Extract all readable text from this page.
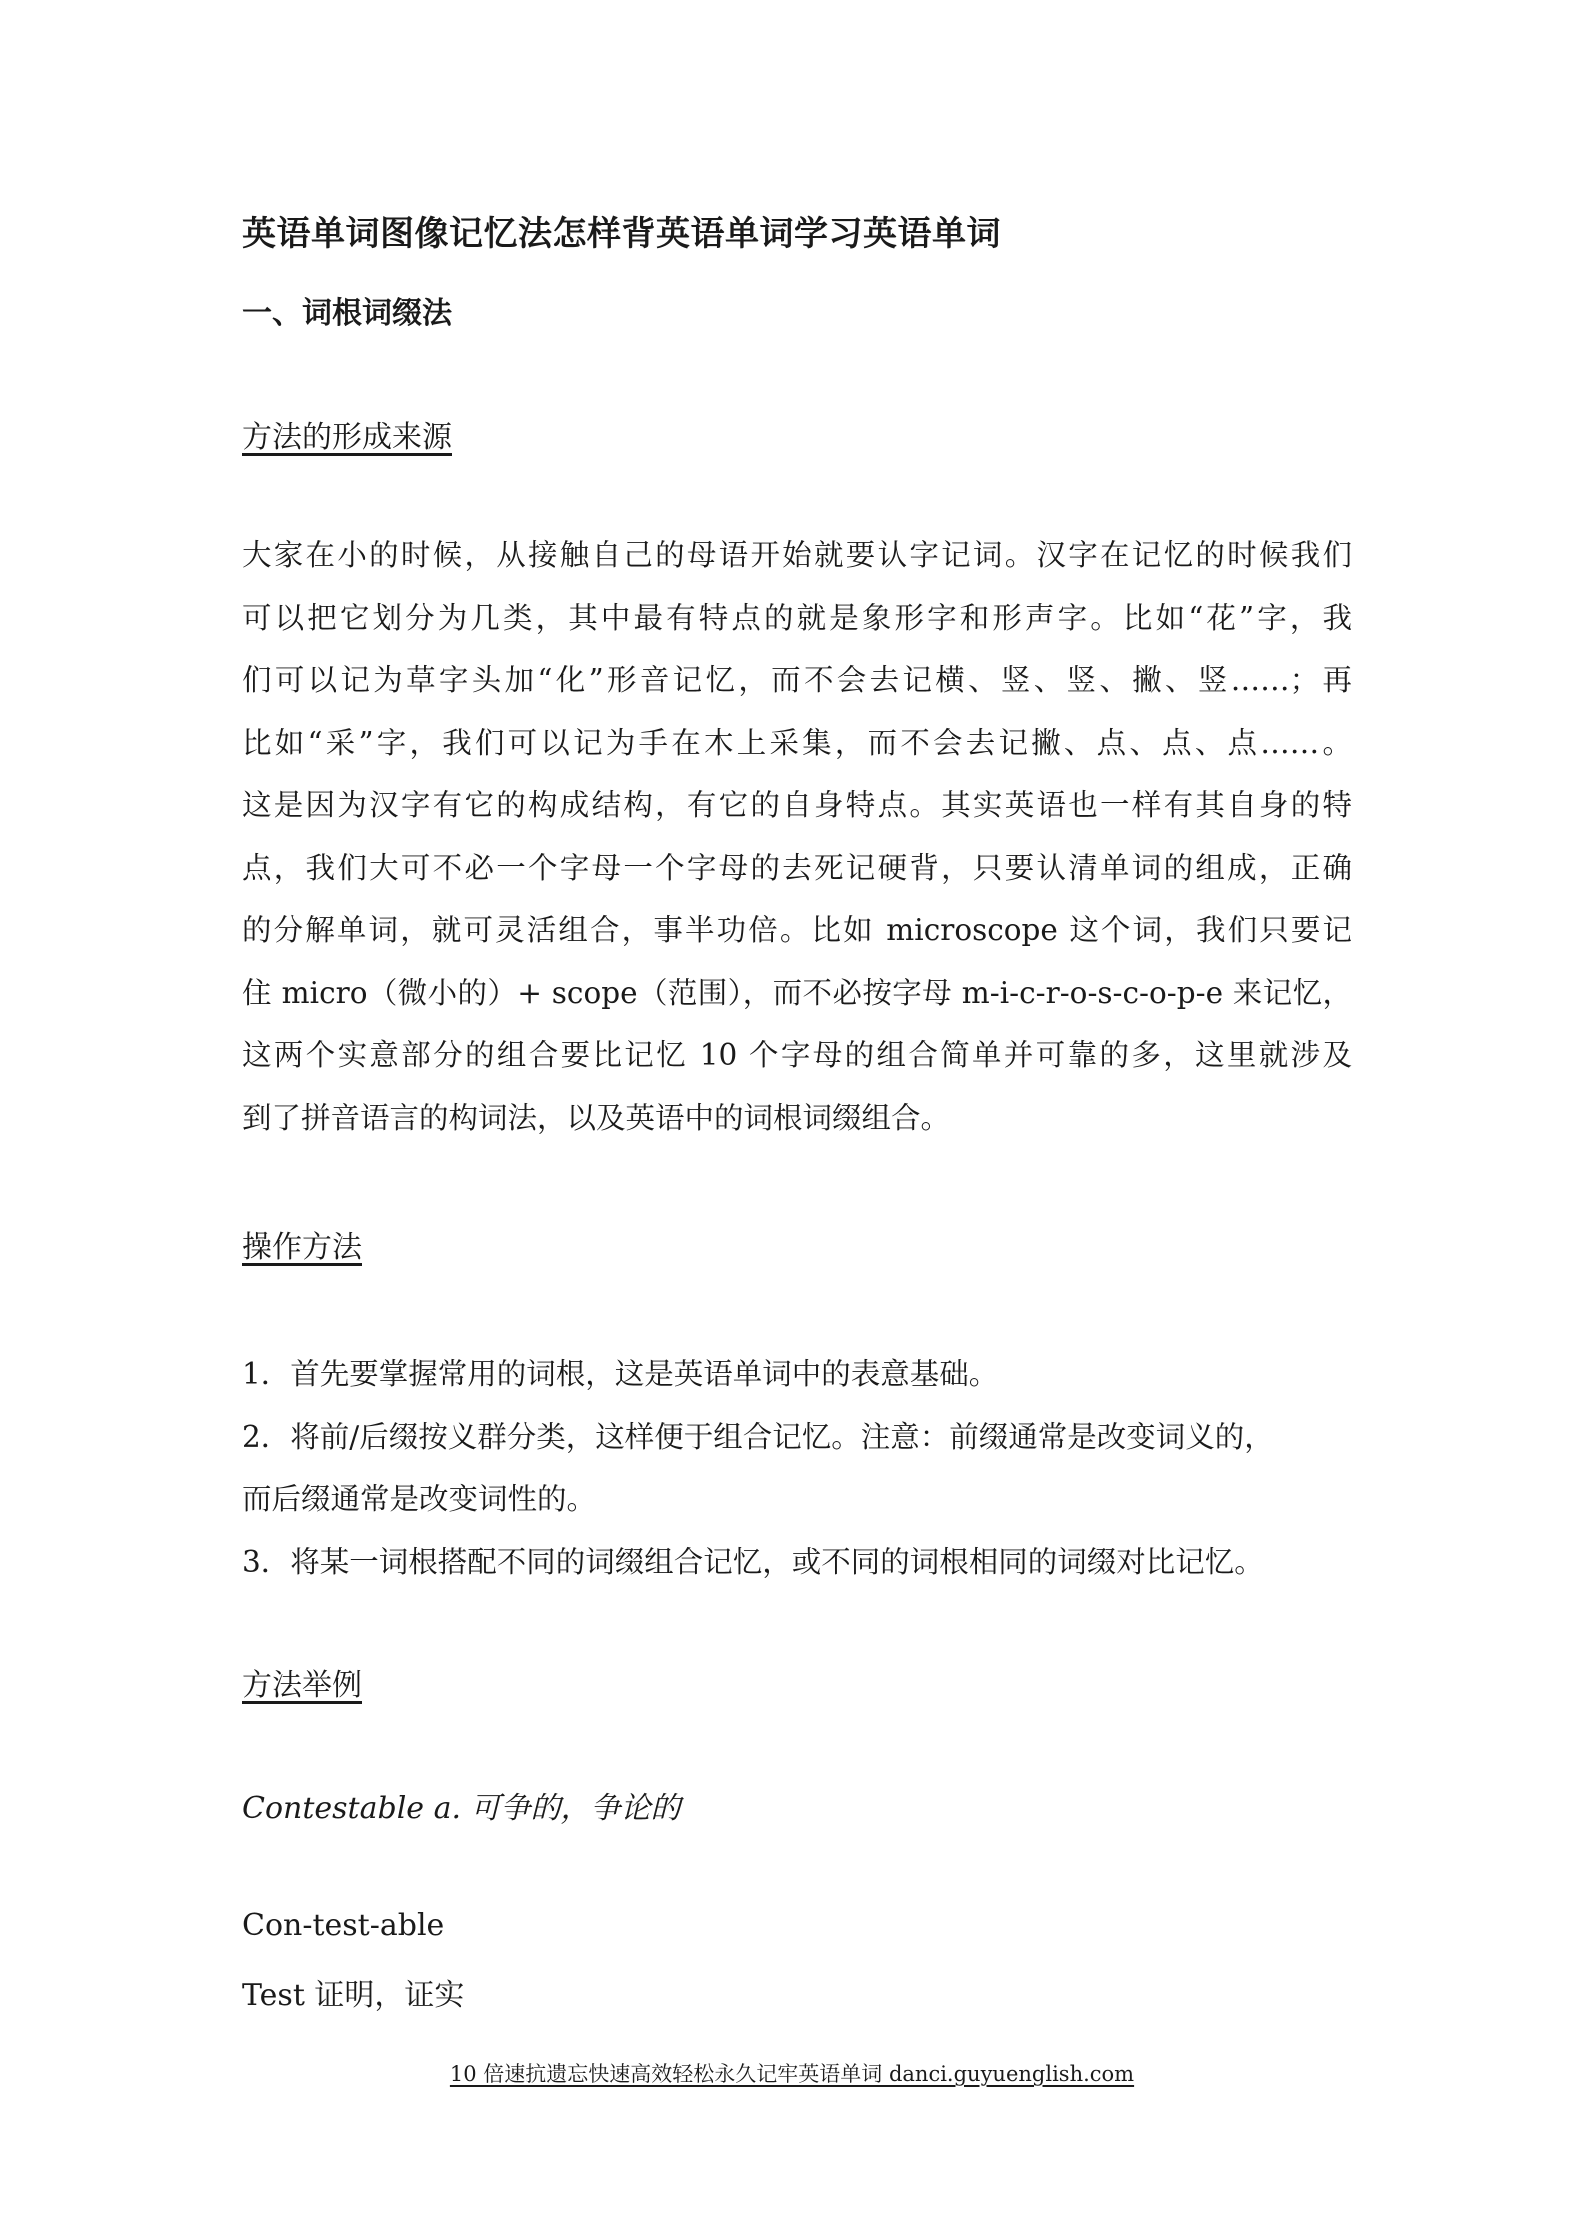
英语单词图像记忆法怎样背英语单词学习英语单词
一、词根词缀法
方法的形成来源
大家在小的时候，从接触自己的母语开始就要认字记词。汉字在记忆的时候我们
可以把它划分为几类，其中最有特点的就是象形字和形声字。比如“花”字，我
们可以记为草字头加“化”形音记忆，而不会去记横、竖、竖、撇、竖……；再
比如“采”字，我们可以记为手在木上采集，而不会去记撇、点、点、点……。
这是因为汉字有它的构成结构，有它的自身特点。其实英语也一样有其自身的特
点，我们大可不必一个字母一个字母的去死记硬背，只要认清单词的组成，正确
的分解单词，就可灵活组合，事半功倍。比如 microscope 这个词，我们只要记
住 micro（微小的）+ scope（范围），而不必按字母 m-i-c-r-o-s-c-o-p-e 来记忆，
这两个实意部分的组合要比记忆 10 个字母的组合简单并可靠的多，这里就涉及
到了拼音语言的构词法，以及英语中的词根词缀组合。
操作方法
1．首先要掌握常用的词根，这是英语单词中的表意基础。
2．将前/后缀按义群分类，这样便于组合记忆。注意：前缀通常是改变词义的，
而后缀通常是改变词性的。
3．将某一词根搭配不同的词缀组合记忆，或不同的词根相同的词缀对比记忆。
方法举例
Contestable a. 可争的，争论的
Con-test-able
Test 证明，证实
10 倍速抗遗忘快速高效轻松永久记牢英语单词 danci.guyuenglish.com
